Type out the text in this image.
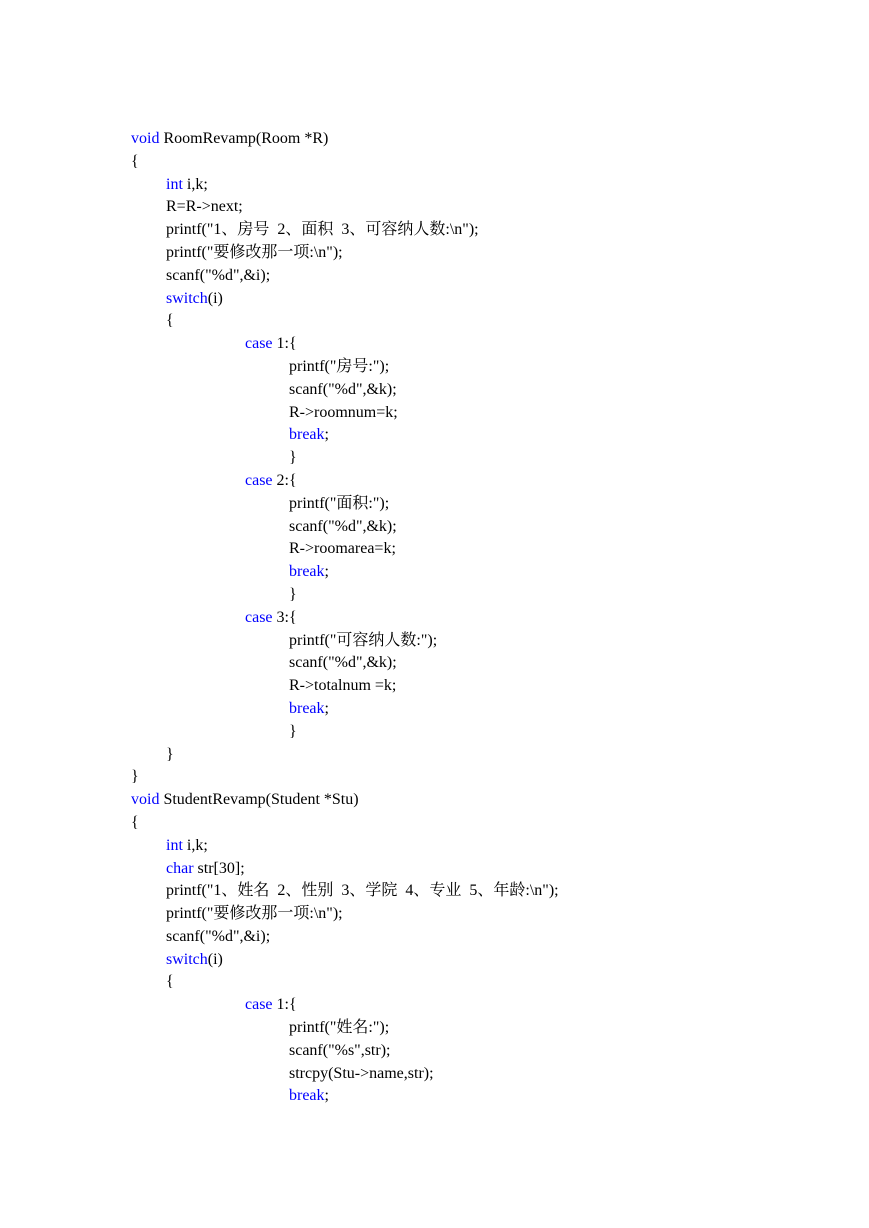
void RoomRevamp(Room *R)
{
int i,k;
R=R->next;
printf("1、房号  2、面积  3、可容纳人数:\n");
printf("要修改那一项:\n");
scanf("%d",&i);
switch(i)
{
case 1:{
printf("房号:");
scanf("%d",&k);
R->roomnum=k;
break;
}
case 2:{
printf("面积:");
scanf("%d",&k);
R->roomarea=k;
break;
}
case 3:{
printf("可容纳人数:");
scanf("%d",&k);
R->totalnum =k;
break;
}
}
}
void StudentRevamp(Student *Stu)
{
int i,k;
char str[30];
printf("1、姓名  2、性别  3、学院  4、专业  5、年龄:\n");
printf("要修改那一项:\n");
scanf("%d",&i);
switch(i)
{
case 1:{
printf("姓名:");
scanf("%s",str);
strcpy(Stu->name,str);
break;
